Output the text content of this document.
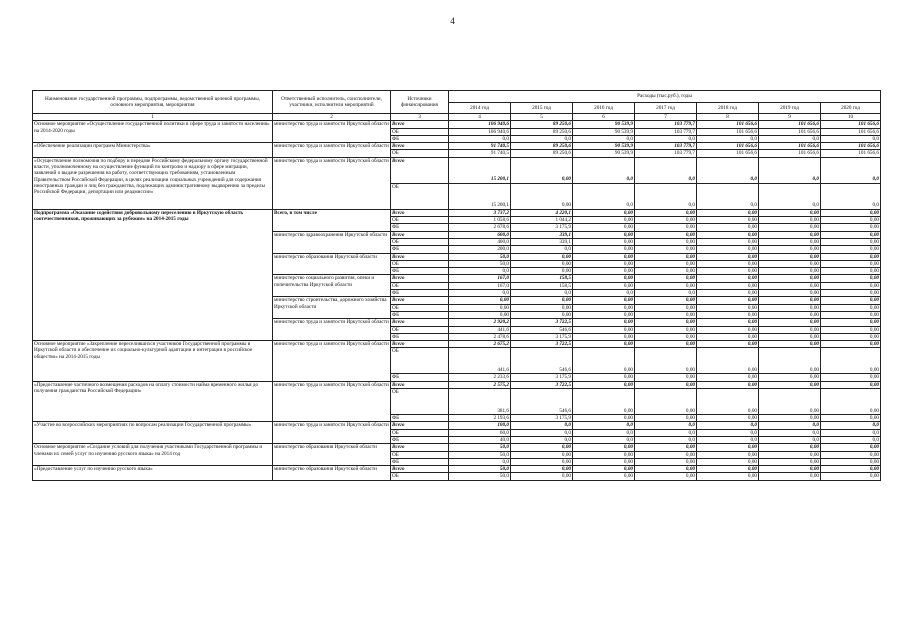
4
Наименование государственной программы, подпрограммы, ведомственной целевой программы, основного мероприятия, мероприятия	Ответственный исполнитель, соисполнители, участники, исполнители мероприятий	Источники финансирования	Расходы (тыс.руб.), годы						
			2014 год	2015 год	2016 год	2017 год	2018 год	2019 год	2020 год
1	2	3	4	5	6	7	8	9	10
Основное мероприятие «Осуществление государственной политики в сфере труда и занятости населения» на 2014-2020 годы	министерство труда и занятости Иркутской области	Всего	106 940,6	89 250,6	90 539,9	103 779,7	101 656,6	101 656,6	101 656,6
		ОБ	106 940,6	89 250,6	90 539,9	103 779,7	101 656,6	101 656,6	101 656,6
		ФБ	0,0	0,0	0,0	0,0	0,0	0,0	0,0
«Обеспечение реализации программ Министерства»	министерство труда и занятости Иркутской области	Всего	91 740,5	89 250,6	90 539,9	103 779,7	101 656,6	101 656,6	101 656,6
		ОБ	91 740,5	89 250,6	90 539,9	103 779,7	101 656,6	101 656,6	101 656,6
«Осуществление полномочия по подбору и передаче Российскому федеральному органу государственной власти, уполномоченному на осуществление функций по контролю и надзору в сфере миграции, заявлений о выдаче разрешения на работу, соответствующих требованиям, установленным Правительством Российской Федерации, в целях реализации социальных учреждений для содержания иностранных граждан и лиц без гражданства, подлежащих административному выдворению за пределы Российской Федерации, депортации или реадмиссии»	министерство труда и занятости Иркутской области	Всего	15 200,1	0,00	0,0	0,0	0,0	0,0	0,0
		ОБ	15 200,1	0,00	0,0	0,0	0,0	0,0	0,0
Подпрограмма «Оказание содействия добровольному переселению в Иркутскую область соотечественников, проживающих за рубежом» на 2014-2015 годы	Всего, в том числе	Всего	3 737,2	4 220,1	0,00	0,00	0,00	0,00	0,00
		ОБ	1 058,6	1 044,2	0,00	0,00	0,00	0,00	0,00
		ФБ	2 678,6	3 175,9	0,00	0,00	0,00	0,00	0,00
	министерство здравоохранения Иркутской области	Всего	600,0	339,1	0,00	0,00	0,00	0,00	0,00
		ОБ	400,0	339,1	0,00	0,00	0,00	0,00	0,00
		ФБ	200,0	0,0	0,00	0,00	0,00	0,00	0,00
	министерство образования Иркутской области	Всего	50,0	0,00	0,00	0,00	0,00	0,00	0,00
		ОБ	50,0	0,00	0,00	0,00	0,00	0,00	0,00
		ФБ	0,0	0,00	0,00	0,00	0,00	0,00	0,00
	министерство социального развития, опеки и попечительства Иркутской области	Всего	167,0	158,5	0,00	0,00	0,00	0,00	0,00
		ОБ	167,0	158,5	0,00	0,00	0,00	0,00	0,00
		ФБ	0,0	0,0	0,0	0,0	0,00	0,00	0,00
	министерство строительства, дорожного хозяйства Иркутской области	Всего	0,00	0,00	0,00	0,00	0,00	0,00	0,00
		ОБ	0,00	0,00	0,00	0,00	0,00	0,00	0,00
		ФБ	0,00	0,00	0,00	0,00	0,00	0,00	0,00
	министерство труда и занятости Иркутской области	Всего	2 920,2	3 722,5	0,00	0,00	0,00	0,00	0,00
		ОБ	441,6	546,6	0,00	0,00	0,00	0,00	0,00
		ФБ	2 478,6	3 175,9	0,00	0,00	0,00	0,00	0,00
Основное мероприятие «Закрепление переселившихся участников Государственной программы в Иркутской области и обеспечение их социально-культурной адаптации и интеграции в российское общество» на 2014-2015 годы	министерство труда и занятости Иркутской области	Всего	2 675,2	3 722,5	0,00	0,00	0,00	0,00	0,00
		ОБ	441,6	546,6	0,00	0,00	0,00	0,00	0,00
		ФБ	2 233,6	3 175,9	0,00	0,00	0,00	0,00	0,00
«Предоставление частичного возмещения расходов на оплату стоимости найма временного жилья до получения гражданства Российской Федерации»	министерство труда и занятости Иркутской области	Всего	2 575,2	3 722,5	0,00	0,00	0,00	0,00	0,00
		ОБ	381,6	546,6	0,00	0,00	0,00	0,00	0,00
		ФБ	2 193,6	3 175,9	0,00	0,00	0,00	0,00	0,00
«Участие во всероссийских мероприятиях по вопросам реализации Государственной программы»	министерство труда и занятости Иркутской области	Всего	100,0	0,0	0,0	0,0	0,0	0,0	0,0
		ОБ	60,0	0,0	0,0	0,0	0,0	0,0	0,0
		ФБ	40,0	0,0	0,0	0,0	0,0	0,0	0,0
Основное мероприятие «Создание условий для получения участниками Государственной программы и членами их семей услуг по изучению русского языка» на 2014 год	министерство образования Иркутской области	Всего	50,0	0,00	0,00	0,00	0,00	0,00	0,00
		ОБ	50,0	0,00	0,00	0,00	0,00	0,00	0,00
		ФБ	0,0	0,00	0,00	0,00	0,00	0,00	0,00
«Предоставление услуг по изучению русского языка»	министерство образования Иркутской области	Всего	50,0	0,00	0,00	0,00	0,00	0,00	0,00
		ОБ	50,0	0,00	0,00	0,00	0,00	0,00	0,00
